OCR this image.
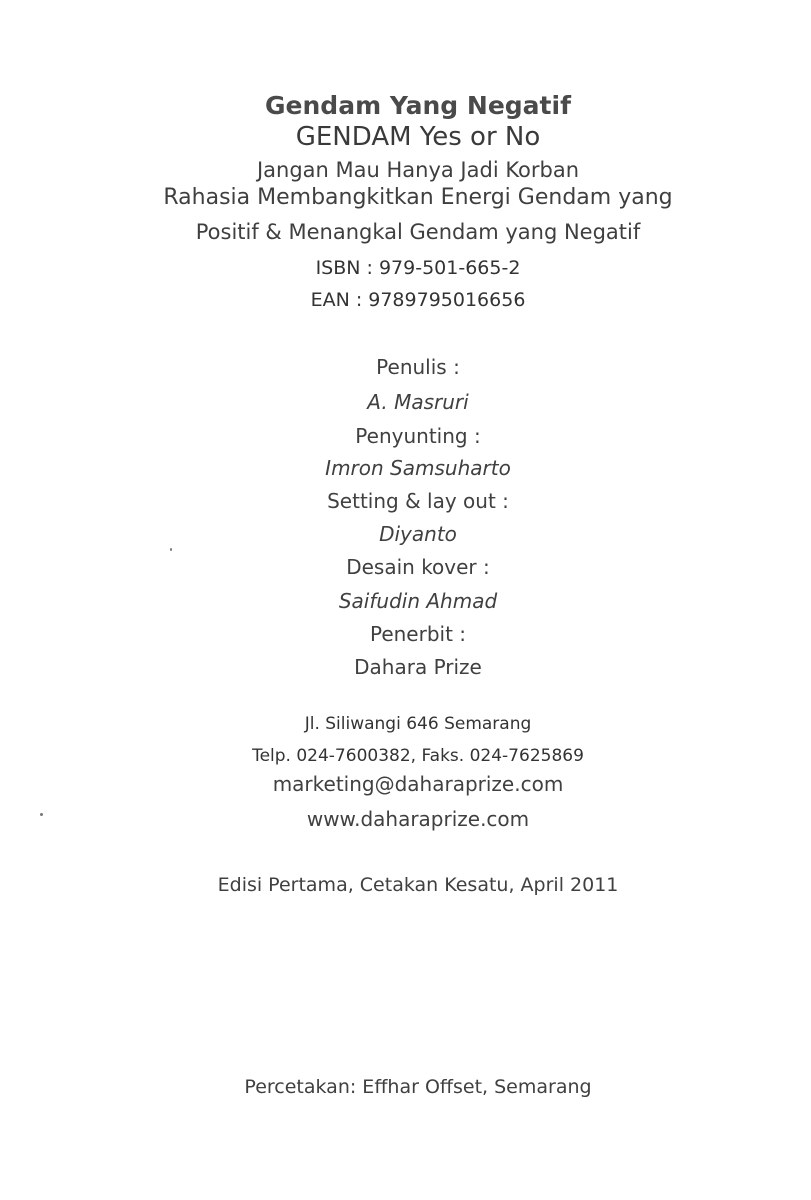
Gendam Yang Negatif
GENDAM Yes or No
Jangan Mau Hanya Jadi Korban
Rahasia Membangkitkan Energi Gendam yang
Positif & Menangkal Gendam yang Negatif
ISBN : 979-501-665-2
EAN : 9789795016656
Penulis :
A. Masruri
Penyunting :
Imron Samsuharto
Setting & lay out :
Diyanto
Desain kover :
Saifudin Ahmad
Penerbit :
Dahara Prize
Jl. Siliwangi 646 Semarang
Telp. 024-7600382, Faks. 024-7625869
marketing@daharaprize.com
www.daharaprize.com
Edisi Pertama, Cetakan Kesatu, April 2011
Percetakan: Effhar Offset, Semarang
